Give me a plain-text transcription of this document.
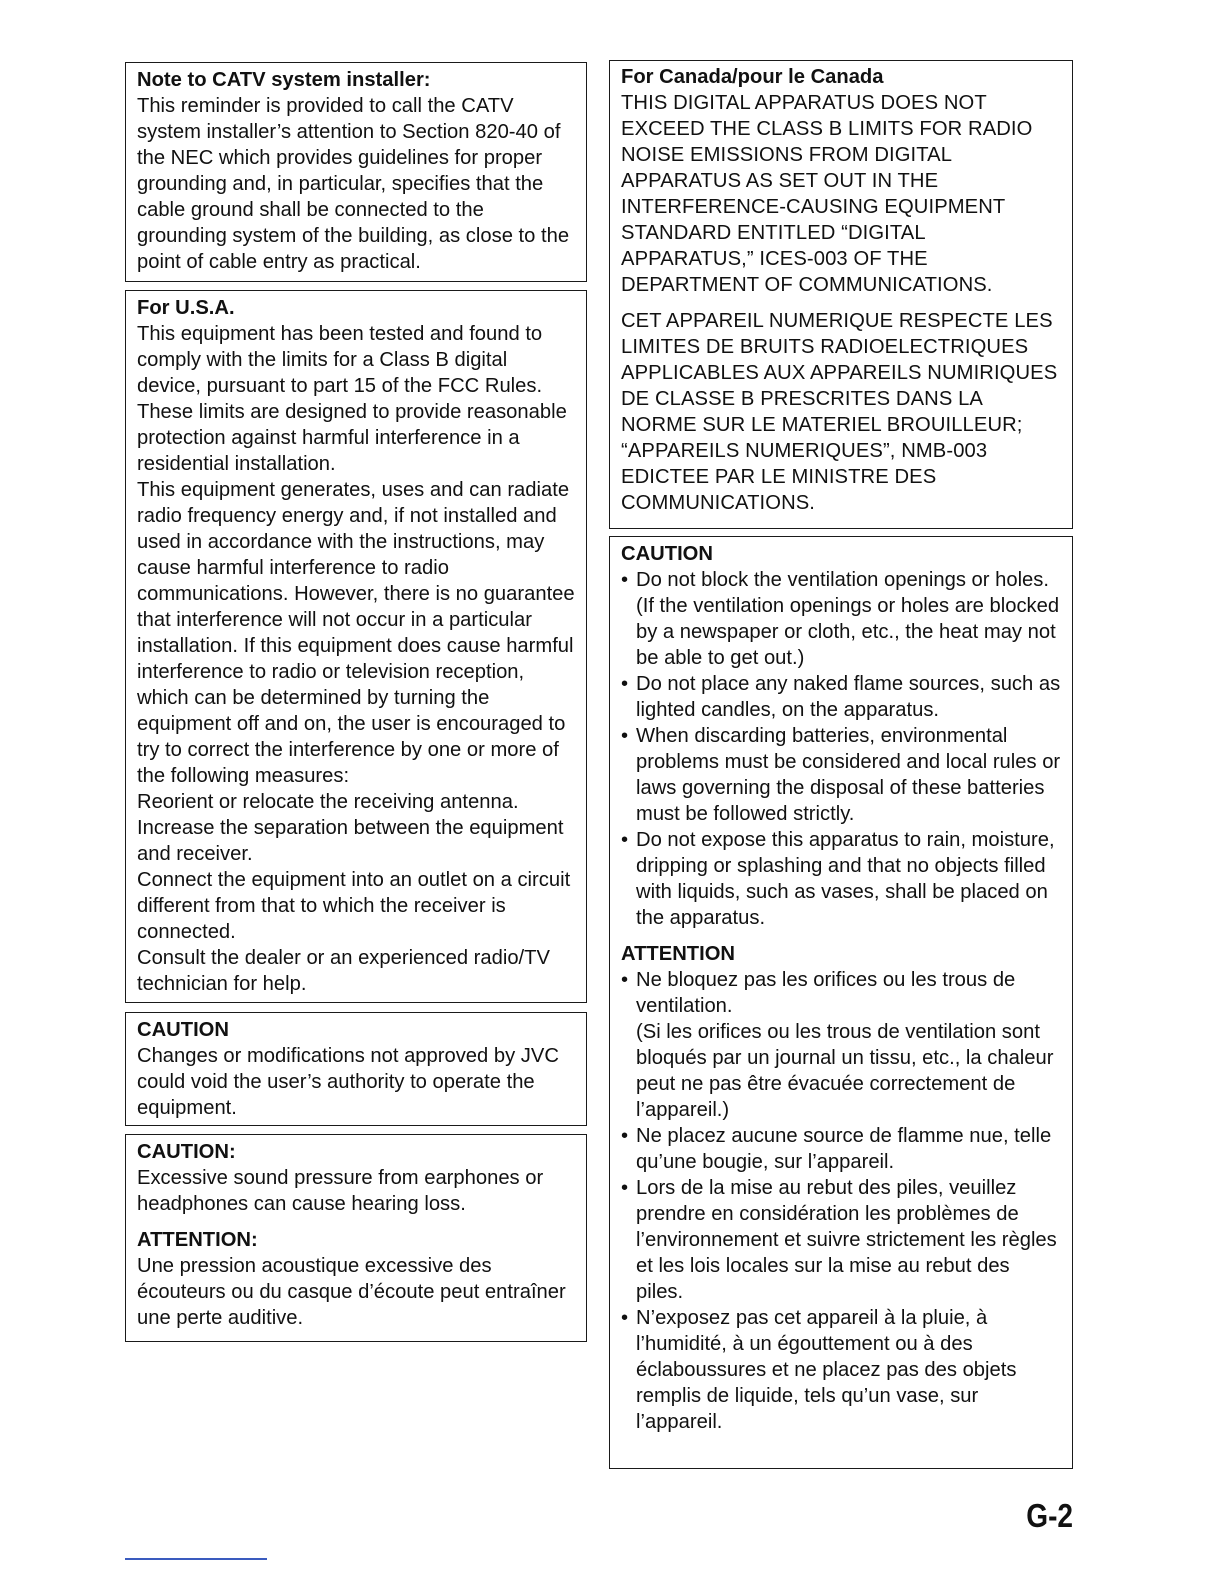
Note to CATV system installer:

This reminder is provided to call the CATV system installer’s attention to Section 820-40 of the NEC which provides guidelines for proper grounding and, in particular, specifies that the cable ground shall be connected to the grounding system of the building, as close to the point of cable entry as practical.

For U.S.A.

This equipment has been tested and found to comply with the limits for a Class B digital device, pursuant to part 15 of the FCC Rules. These limits are designed to provide reasonable protection against harmful interference in a residential installation.

This equipment generates, uses and can radiate radio frequency energy and, if not installed and used in accordance with the instructions, may cause harmful interference to radio communications. However, there is no guarantee that interference will not occur in a particular installation. If this equipment does cause harmful interference to radio or television reception, which can be determined by turning the equipment off and on, the user is encouraged to try to correct the interference by one or more of the following measures:

Reorient or relocate the receiving antenna.

Increase the separation between the equipment and receiver.

Connect the equipment into an outlet on a circuit different from that to which the receiver is connected.

Consult the dealer or an experienced radio/TV technician for help.

CAUTION

Changes or modifications not approved by JVC could void the user’s authority to operate the equipment.

CAUTION:

Excessive sound pressure from earphones or headphones can cause hearing loss.

ATTENTION:

Une pression acoustique excessive des écouteurs ou du casque d’écoute peut entraîner une perte auditive.

For Canada/pour le Canada

THIS DIGITAL APPARATUS DOES NOT EXCEED THE CLASS B LIMITS FOR RADIO NOISE EMISSIONS FROM DIGITAL APPARATUS AS SET OUT IN THE INTERFERENCE-CAUSING EQUIPMENT STANDARD ENTITLED “DIGITAL APPARATUS,” ICES-003 OF THE DEPARTMENT OF COMMUNICATIONS.

CET APPAREIL NUMERIQUE RESPECTE LES LIMITES DE BRUITS RADIOELECTRIQUES APPLICABLES AUX APPAREILS NUMIRIQUES DE CLASSE B PRESCRITES DANS LA NORME SUR LE MATERIEL BROUILLEUR; “APPAREILS NUMERIQUES”, NMB-003 EDICTEE PAR LE MINISTRE DES COMMUNICATIONS.

CAUTION

• Do not block the ventilation openings or holes.
(If the ventilation openings or holes are blocked by a newspaper or cloth, etc., the heat may not be able to get out.)
• Do not place any naked flame sources, such as lighted candles, on the apparatus.
• When discarding batteries, environmental problems must be considered and local rules or laws governing the disposal of these batteries must be followed strictly.
• Do not expose this apparatus to rain, moisture, dripping or splashing and that no objects filled with liquids, such as vases, shall be placed on the apparatus.

ATTENTION

• Ne bloquez pas les orifices ou les trous de ventilation.
(Si les orifices ou les trous de ventilation sont bloqués par un journal un tissu, etc., la chaleur peut ne pas être évacuée correctement de l’appareil.)
• Ne placez aucune source de flamme nue, telle qu’une bougie, sur l’appareil.
• Lors de la mise au rebut des piles, veuillez prendre en considération les problèmes de l’environnement et suivre strictement les règles et les lois locales sur la mise au rebut des piles.
• N’exposez pas cet appareil à la pluie, à l’humidité, à un égouttement ou à des éclaboussures et ne placez pas des objets remplis de liquide, tels qu’un vase, sur l’appareil.
G-2
